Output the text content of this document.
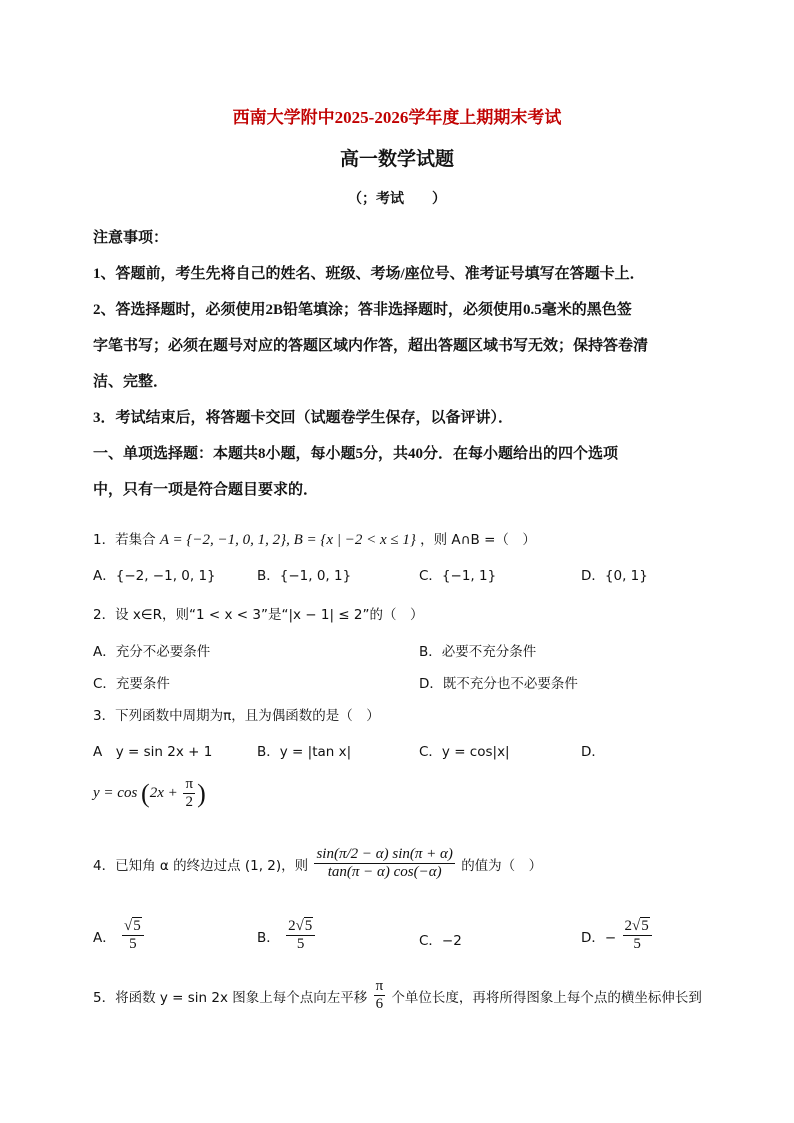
西南大学附中2025-2026学年度上期期末考试
高一数学试题
（；考试　　）
注意事项：
1、答题前，考生先将自己的姓名、班级、考场/座位号、准考证号填写在答题卡上．
2、答选择题时，必须使用2B铅笔填涂；答非选择题时，必须使用0.5毫米的黑色签
字笔书写；必须在题号对应的答题区域内作答，超出答题区域书写无效；保持答卷清
洁、完整．
3．考试结束后，将答题卡交回（试题卷学生保存，以备评讲）．
一、单项选择题：本题共8小题，每小题5分，共40分．在每小题给出的四个选项
中，只有一项是符合题目要求的．
1．若集合 A = {−2, −1, 0, 1, 2}, B = {x | −2 < x ≤ 1} ，则 A∩B =（　）
A．{−2, −1, 0, 1}	B．{−1, 0, 1}	C．{−1, 1}	D．{0, 1}
2．设 x∈R，则“1 < x < 3”是“|x − 1| ≤ 2”的（　）
A．充分不必要条件	B．必要不充分条件
C．充要条件	D．既不充分也不必要条件
3．下列函数中周期为π，且为偶函数的是（　）
A　y = sin 2x + 1	B．y = |tan x|	C．y = cos|x|	D．
$y = \cos (2x + \frac{\pi}{2}$ )
4．已知角 α 的终边过点 (1, 2)，则 $\frac{\sin(\pi/2 - \alpha) \sin(\pi + \alpha)}{\tan(\pi - \alpha) \cos(-\alpha)}$ 的值为（　）
A． $\frac{√5}{5}$	B． $\frac{2√5}{5}$	C．−2	D．− $\frac{2√5}{5}$
5．将函数 y = sin 2x 图象上每个点向左平移 $\frac{\pi}{6}$ 个单位长度，再将所得图象上每个点的横坐标伸长到
